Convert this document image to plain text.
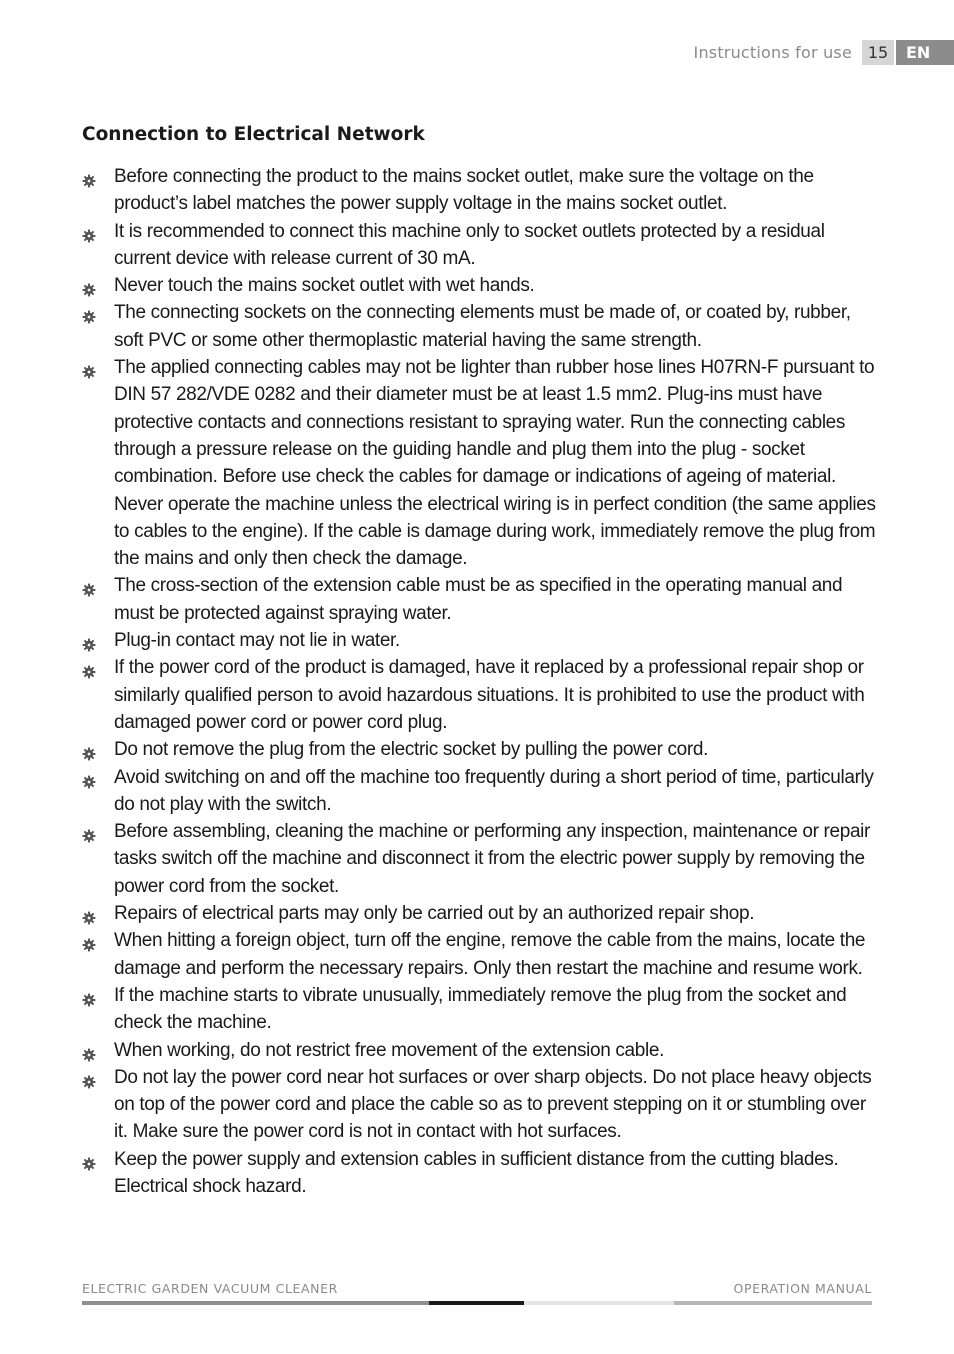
Instructions for use 15	EN
Connection to Electrical Network
Before connecting the product to the mains socket outlet, make sure the voltage on the product’s label matches the power supply voltage in the mains socket outlet.
It is recommended to connect this machine only to socket outlets protected by a residual current device with release current of 30 mA.
Never touch the mains socket outlet with wet hands.
The connecting sockets on the connecting elements must be made of, or coated by, rubber, soft PVC or some other thermoplastic material having the same strength.
The applied connecting cables may not be lighter than rubber hose lines H07RN-F pursuant to DIN 57 282/VDE 0282 and their diameter must be at least 1.5 mm2. Plug-ins must have protective contacts and connections resistant to spraying water. Run the connecting cables through a pressure release on the guiding handle and plug them into the plug - socket combination. Before use check the cables for damage or indications of ageing of material. Never operate the machine unless the electrical wiring is in perfect condition (the same applies to cables to the engine). If the cable is damage during work, immediately remove the plug from the mains and only then check the damage.
The cross-section of the extension cable must be as specified in the operating manual and must be protected against spraying water.
Plug-in contact may not lie in water.
If the power cord of the product is damaged, have it replaced by a professional repair shop or similarly qualified person to avoid hazardous situations. It is prohibited to use the product with damaged power cord or power cord plug.
Do not remove the plug from the electric socket by pulling the power cord.
Avoid switching on and off the machine too frequently during a short period of time, particularly do not play with the switch.
Before assembling, cleaning the machine or performing any inspection, maintenance or repair tasks switch off the machine and disconnect it from the electric power supply by removing the power cord from the socket.
Repairs of electrical parts may only be carried out by an authorized repair shop.
When hitting a foreign object, turn off the engine, remove the cable from the mains, locate the damage and perform the necessary repairs. Only then restart the machine and resume work.
If the machine starts to vibrate unusually, immediately remove the plug from the socket and check the machine.
When working, do not restrict free movement of the extension cable.
Do not lay the power cord near hot surfaces or over sharp objects. Do not place heavy objects on top of the power cord and place the cable so as to prevent stepping on it or stumbling over it. Make sure the power cord is not in contact with hot surfaces.
Keep the power supply and extension cables in sufficient distance from the cutting blades. Electrical shock hazard.
ELECTRIC GARDEN VACUUM CLEANER	OPERATION MANUAL
